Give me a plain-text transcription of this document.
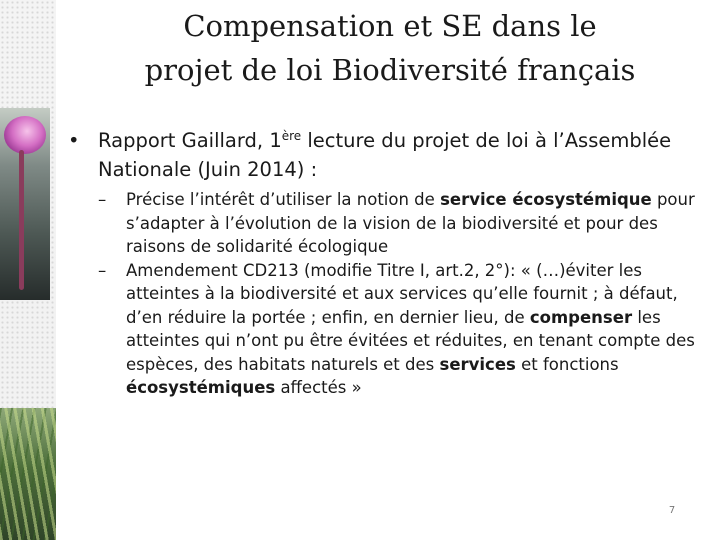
Compensation et SE dans le
projet de loi Biodiversité français

• Rapport Gaillard, 1ère lecture du projet de loi à l’Assemblée Nationale (Juin 2014) :

– Précise l’intérêt d’utiliser la notion de service écosystémique pour s’adapter à l’évolution de la vision de la biodiversité et pour des raisons de solidarité écologique

– Amendement CD213 (modifie Titre I, art.2, 2°): « (…)éviter les atteintes à la biodiversité et aux services qu’elle fournit ; à défaut, d’en réduire la portée ; enfin, en dernier lieu, de compenser les atteintes qui n’ont pu être évitées et réduites, en tenant compte des espèces, des habitats naturels et des services et fonctions écosystémiques affectés »

7
